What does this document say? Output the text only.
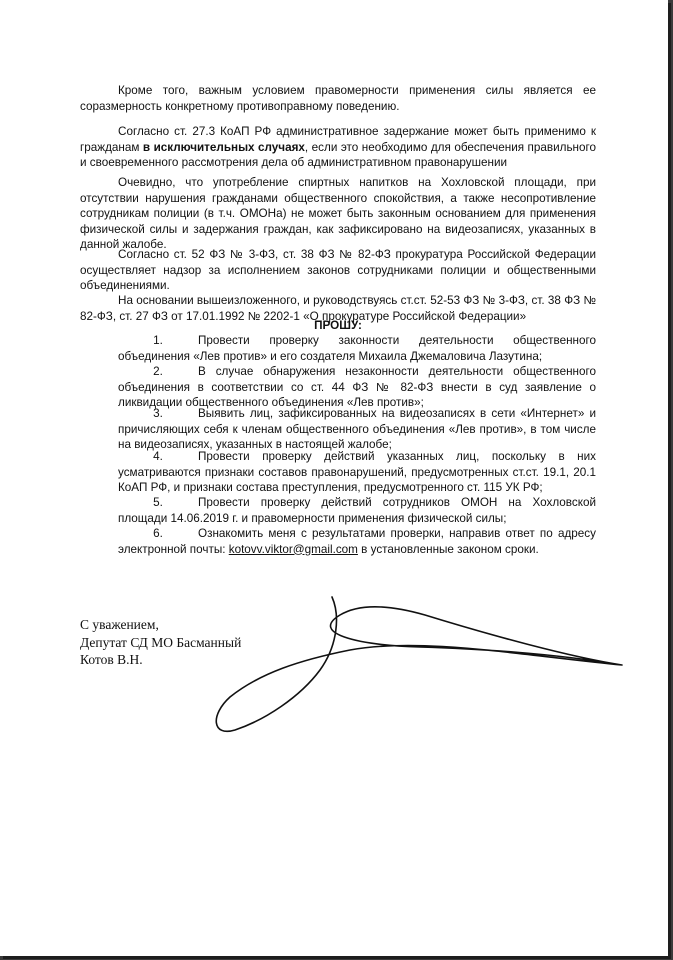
Кроме того, важным условием правомерности применения силы является ее соразмерность конкретному противоправному поведению.

Согласно ст. 27.3 КоАП РФ административное задержание может быть применимо к гражданам в исключительных случаях, если это необходимо для обеспечения правильного и своевременного рассмотрения дела об административном правонарушении

Очевидно, что употребление спиртных напитков на Хохловской площади, при отсутствии нарушения гражданами общественного спокойствия, а также несопротивление сотрудникам полиции (в т.ч. ОМОНа) не может быть законным основанием для применения физической силы и задержания граждан, как зафиксировано на видеозаписях, указанных в данной жалобе.

Согласно ст. 52 ФЗ № 3-ФЗ, ст. 38 ФЗ № 82-ФЗ прокуратура Российской Федерации осуществляет надзор за исполнением законов сотрудниками полиции и общественными объединениями.

На основании вышеизложенного, и руководствуясь ст.ст. 52-53 ФЗ № 3-ФЗ, ст. 38 ФЗ № 82-ФЗ, ст. 27 ФЗ от 17.01.1992 № 2202-1 «О прокуратуре Российской Федерации»

ПРОШУ:

1.	Провести проверку законности деятельности общественного объединения «Лев против» и его создателя Михаила Джемаловича Лазутина;

2.	В случае обнаружения незаконности деятельности общественного объединения в соответствии со ст. 44 ФЗ № 82-ФЗ внести в суд заявление о ликвидации общественного объединения «Лев против»;

3.	Выявить лиц, зафиксированных на видеозаписях в сети «Интернет» и причисляющих себя к членам общественного объединения «Лев против», в том числе на видеозаписях, указанных в настоящей жалобе;

4.	Провести проверку действий указанных лиц, поскольку в них усматриваются признаки составов правонарушений, предусмотренных ст.ст. 19.1, 20.1 КоАП РФ, и признаки состава преступления, предусмотренного ст. 115 УК РФ;

5.	Провести проверку действий сотрудников ОМОН на Хохловской площади 14.06.2019 г. и правомерности применения физической силы;

6.	Ознакомить меня с результатами проверки, направив ответ по адресу электронной почты: kotovv.viktor@gmail.com в установленные законом сроки.

С уважением,
Депутат СД МО Басманный
Котов В.Н.
